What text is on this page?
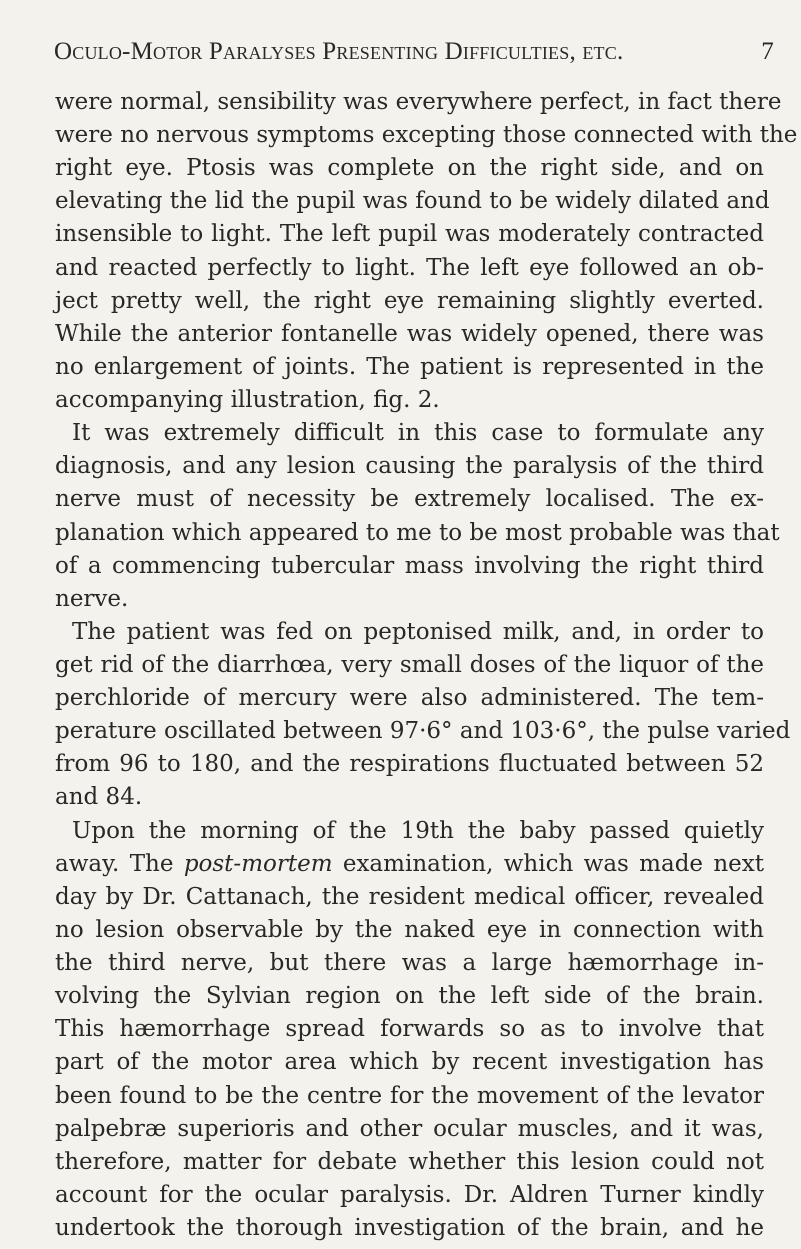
Oculo-Motor Paralyses Presenting Difficulties, etc.	7
were normal, sensibility was everywhere perfect, in fact there
were no nervous symptoms excepting those connected with the
right eye. Ptosis was complete on the right side, and on
elevating the lid the pupil was found to be widely dilated and
insensible to light. The left pupil was moderately contracted
and reacted perfectly to light. The left eye followed an ob-
ject pretty well, the right eye remaining slightly everted.
While the anterior fontanelle was widely opened, there was
no enlargement of joints. The patient is represented in the
accompanying illustration, fig. 2.
It was extremely difficult in this case to formulate any
diagnosis, and any lesion causing the paralysis of the third
nerve must of necessity be extremely localised. The ex-
planation which appeared to me to be most probable was that
of a commencing tubercular mass involving the right third
nerve.
The patient was fed on peptonised milk, and, in order to
get rid of the diarrhœa, very small doses of the liquor of the
perchloride of mercury were also administered. The tem-
perature oscillated between 97·6° and 103·6°, the pulse varied
from 96 to 180, and the respirations fluctuated between 52
and 84.
Upon the morning of the 19th the baby passed quietly
away. The post-mortem examination, which was made next
day by Dr. Cattanach, the resident medical officer, revealed
no lesion observable by the naked eye in connection with
the third nerve, but there was a large hæmorrhage in-
volving the Sylvian region on the left side of the brain.
This hæmorrhage spread forwards so as to involve that
part of the motor area which by recent investigation has
been found to be the centre for the movement of the levator
palpebræ superioris and other ocular muscles, and it was,
therefore, matter for debate whether this lesion could not
account for the ocular paralysis. Dr. Aldren Turner kindly
undertook the thorough investigation of the brain, and he
